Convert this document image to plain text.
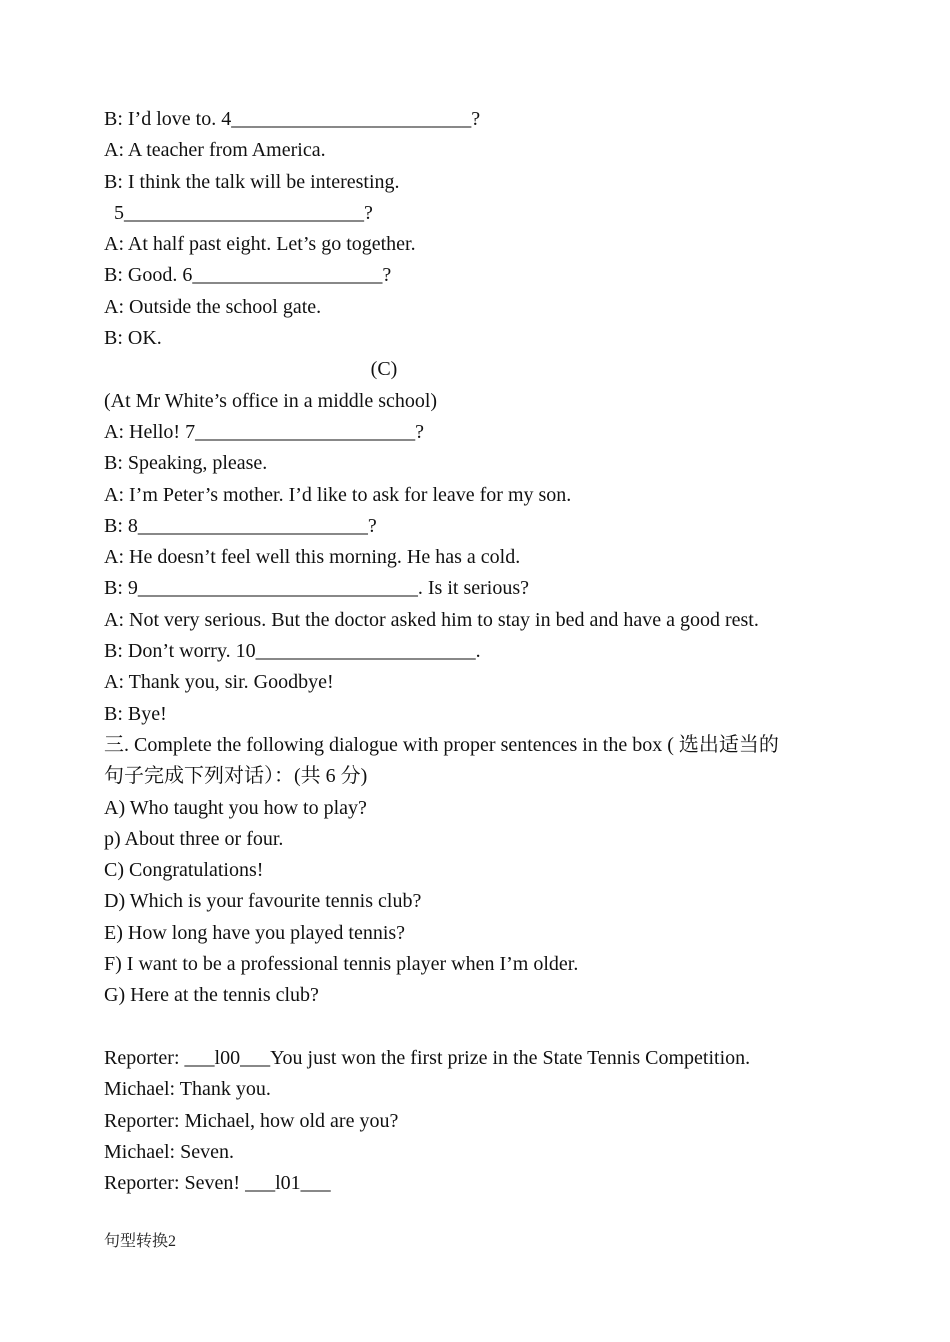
B: I’d love to. 4________________________?
A: A teacher from America.
B: I think the talk will be interesting.
5________________________?
A: At half past eight. Let’s go together.
B: Good. 6___________________?
A: Outside the school gate.
B: OK.
(C)
(At Mr White’s office in a middle school)
A: Hello! 7______________________?
B: Speaking, please.
A: I’m Peter’s mother. I’d like to ask for leave for my son.
B: 8_______________________?
A: He doesn’t feel well this morning. He has a cold.
B: 9____________________________. Is it serious?
A: Not very serious. But the doctor asked him to stay in bed and have a good rest.
B: Don’t worry. 10______________________.
A: Thank you, sir. Goodbye!
B: Bye!
三. Complete the following dialogue with proper sentences in the box ( 选出适当的
句子完成下列对话）：(共 6 分)
A) Who taught you how to play?
p) About three or four.
C) Congratulations!
D) Which is your favourite tennis club?
E) How long have you played tennis?
F) I want to be a professional tennis player when I’m older.
G) Here at the tennis club?
Reporter: ___l00___You just won the first prize in the State Tennis Competition.
Michael: Thank you.
Reporter: Michael, how old are you?
Michael: Seven.
Reporter: Seven! ___l01___
句型转换2
